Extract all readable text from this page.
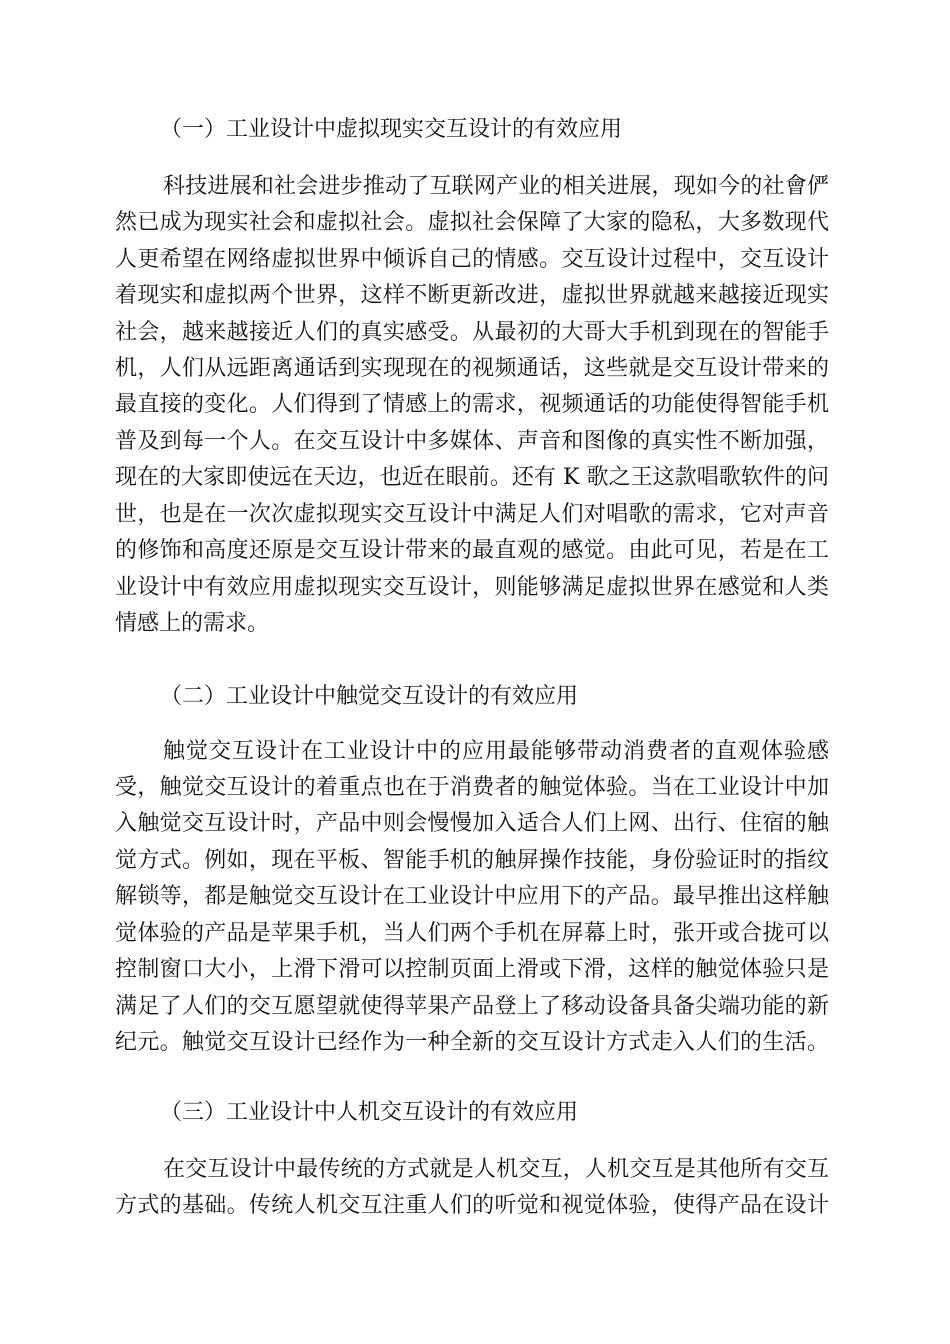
（一）工业设计中虚拟现实交互设计的有效应用

科技进展和社会进步推动了互联网产业的相关进展，现如今的社會俨

然已成为现实社会和虚拟社会。虚拟社会保障了大家的隐私，大多数现代

人更希望在网络虚拟世界中倾诉自己的情感。交互设计过程中，交互设计

着现实和虚拟两个世界，这样不断更新改进，虚拟世界就越来越接近现实

社会，越来越接近人们的真实感受。从最初的大哥大手机到现在的智能手

机，人们从远距离通话到实现现在的视频通话，这些就是交互设计带来的

最直接的变化。人们得到了情感上的需求，视频通话的功能使得智能手机

普及到每一个人。在交互设计中多媒体、声音和图像的真实性不断加强，

现在的大家即使远在天边，也近在眼前。还有 K 歌之王这款唱歌软件的问

世，也是在一次次虚拟现实交互设计中满足人们对唱歌的需求，它对声音

的修饰和高度还原是交互设计带来的最直观的感觉。由此可见，若是在工

业设计中有效应用虚拟现实交互设计，则能够满足虚拟世界在感觉和人类

情感上的需求。

（二）工业设计中触觉交互设计的有效应用

触觉交互设计在工业设计中的应用最能够带动消费者的直观体验感

受，触觉交互设计的着重点也在于消费者的触觉体验。当在工业设计中加

入触觉交互设计时，产品中则会慢慢加入适合人们上网、出行、住宿的触

觉方式。例如，现在平板、智能手机的触屏操作技能，身份验证时的指纹

解锁等，都是触觉交互设计在工业设计中应用下的产品。最早推出这样触

觉体验的产品是苹果手机，当人们两个手机在屏幕上时，张开或合拢可以

控制窗口大小，上滑下滑可以控制页面上滑或下滑，这样的触觉体验只是

满足了人们的交互愿望就使得苹果产品登上了移动设备具备尖端功能的新

纪元。触觉交互设计已经作为一种全新的交互设计方式走入人们的生活。

（三）工业设计中人机交互设计的有效应用

在交互设计中最传统的方式就是人机交互，人机交互是其他所有交互

方式的基础。传统人机交互注重人们的听觉和视觉体验，使得产品在设计
